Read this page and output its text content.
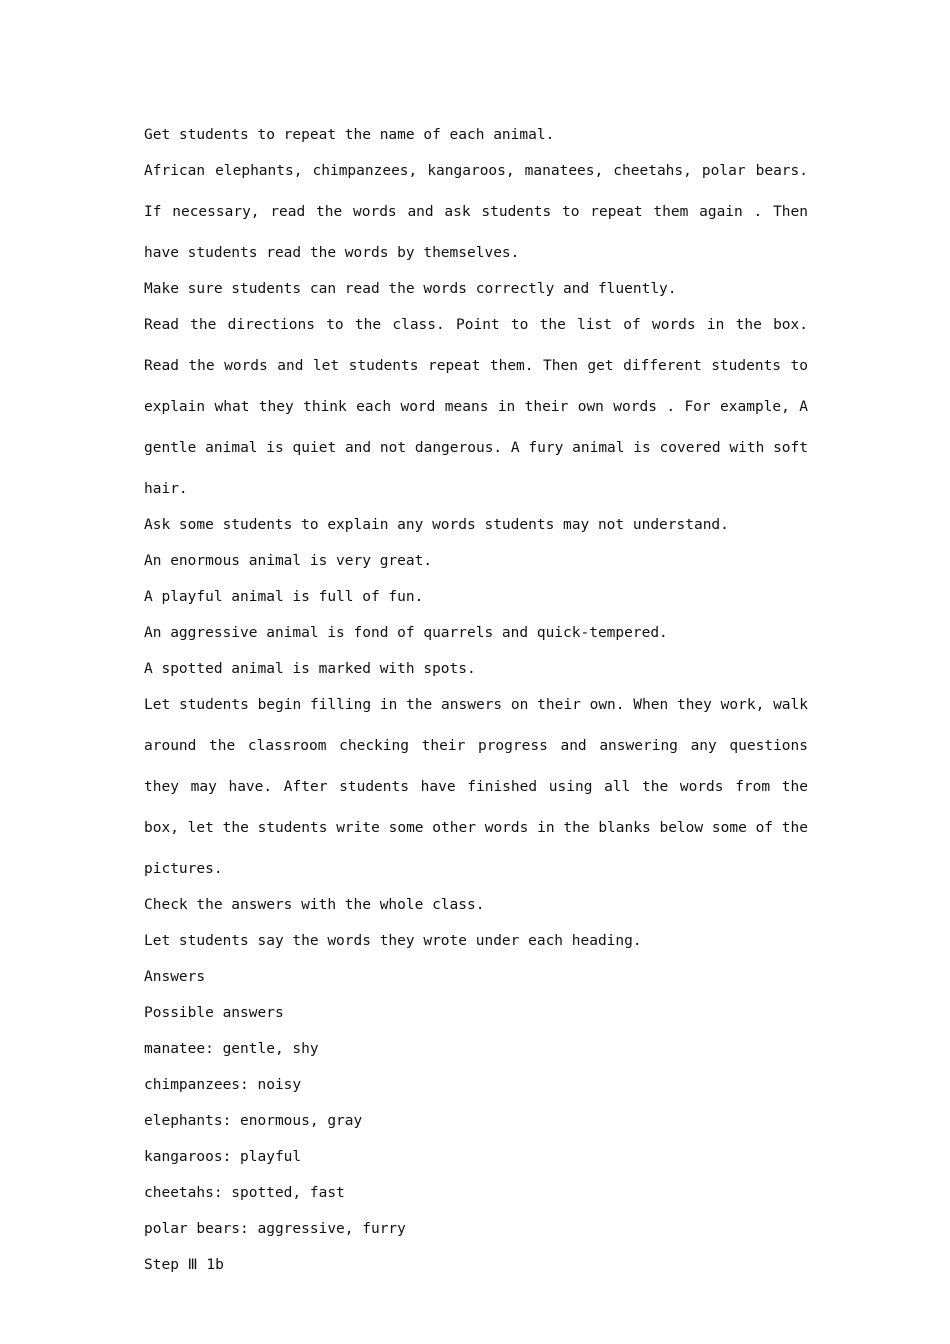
Get students to repeat the name of each animal.

African elephants, chimpanzees, kangaroos, manatees, cheetahs, polar bears. If necessary, read the words and ask students to repeat them again . Then have students read the words by themselves.

Make sure students can read the words correctly and fluently.

Read the directions to the class. Point to the list of words in the box. Read the words and let students repeat them. Then get different students to explain what they think each word means in their own words . For example, A gentle animal is quiet and not dangerous. A fury animal is covered with soft hair.

Ask some students to explain any words students may not understand.

An enormous animal is very great.

A playful animal is full of fun.

An aggressive animal is fond of quarrels and quick-tempered.

A spotted animal is marked with spots.

Let students begin filling in the answers on their own. When they work, walk around the classroom checking their progress and answering any questions they may have. After students have finished using all the words from the box, let the students write some other words in the blanks below some of the pictures.

Check the answers with the whole class.

Let students say the words they wrote under each heading.

Answers

Possible answers

manatee: gentle, shy

chimpanzees: noisy

elephants: enormous, gray

kangaroos: playful

cheetahs: spotted, fast

polar bears: aggressive, furry

Step Ⅲ 1b
